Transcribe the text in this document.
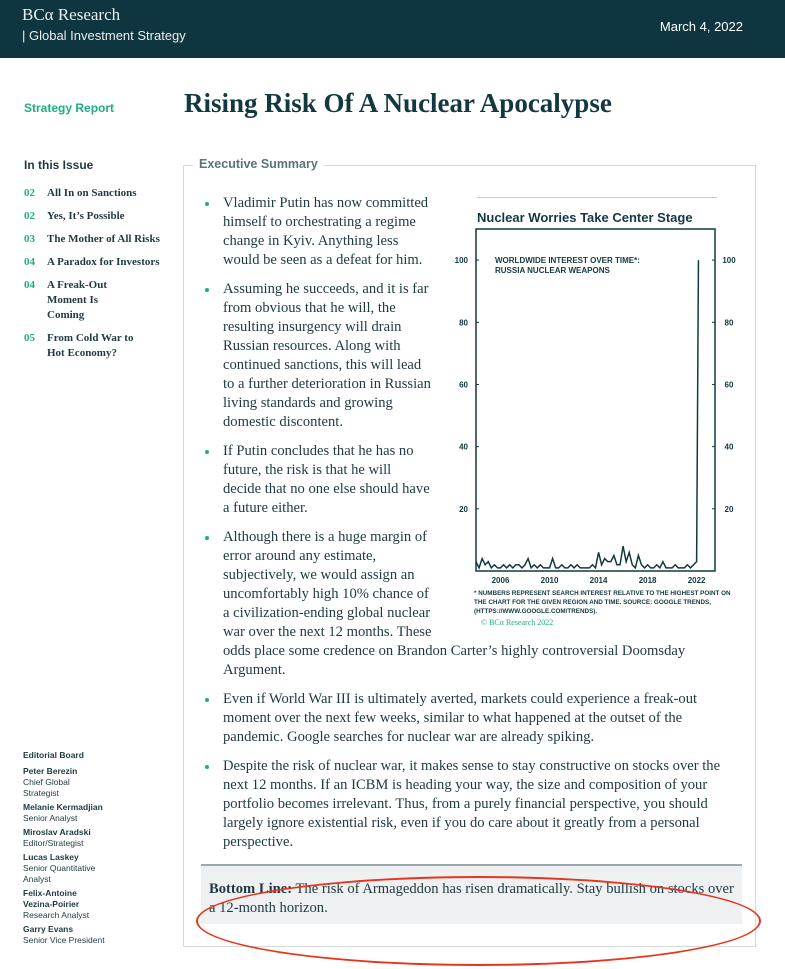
BCα Research
| Global Investment Strategy
March 4, 2022
Strategy Report	Rising Risk Of A Nuclear Apocalypse
In this Issue
02	All In on Sanctions
02	Yes, It’s Possible
03	The Mother of All Risks
04	A Paradox for Investors
04	A Freak-Out Moment Is Coming
05	From Cold War to Hot Economy?
Editorial Board
Peter Berezin
Chief Global Strategist
Melanie Kermadjian
Senior Analyst
Miroslav Aradski
Editor/Strategist
Lucas Laskey
Senior Quantitative Analyst
Felix-Antoine Vezina-Poirier
Research Analyst
Garry Evans
Senior Vice President
Executive Summary
Nuclear Worries Take Center Stage
20	20
40	40
60	60
80	80
100	100
2006	2010	2014	2018	2022
WORLDWIDE INTEREST OVER TIME*: RUSSIA NUCLEAR WEAPONS
* NUMBERS REPRESENT SEARCH INTEREST RELATIVE TO THE HIGHEST POINT ON THE CHART FOR THE GIVEN REGION AND TIME. SOURCE: GOOGLE TRENDS, (HTTPS://WWW.GOOGLE.COM/TRENDS).
© BCα Research 2022
Vladimir Putin has now committed himself to orchestrating a regime change in Kyiv. Anything less would be seen as a defeat for him.
Assuming he succeeds, and it is far from obvious that he will, the resulting insurgency will drain Russian resources. Along with continued sanctions, this will lead to a further deterioration in Russian living standards and growing domestic discontent.
If Putin concludes that he has no future, the risk is that he will decide that no one else should have a future either.
Although there is a huge margin of error around any estimate, subjectively, we would assign an uncomfortably high 10% chance of a civilization-ending global nuclear war over the next 12 months. These odds place some credence on Brandon Carter’s highly controversial Doomsday Argument.
Even if World War III is ultimately averted, markets could experience a freak-out moment over the next few weeks, similar to what happened at the outset of the pandemic. Google searches for nuclear war are already spiking.
Despite the risk of nuclear war, it makes sense to stay constructive on stocks over the next 12 months. If an ICBM is heading your way, the size and composition of your portfolio becomes irrelevant. Thus, from a purely financial perspective, you should largely ignore existential risk, even if you do care about it greatly from a personal perspective.
Bottom Line: The risk of Armageddon has risen dramatically. Stay bullish on stocks over a 12-month horizon.
